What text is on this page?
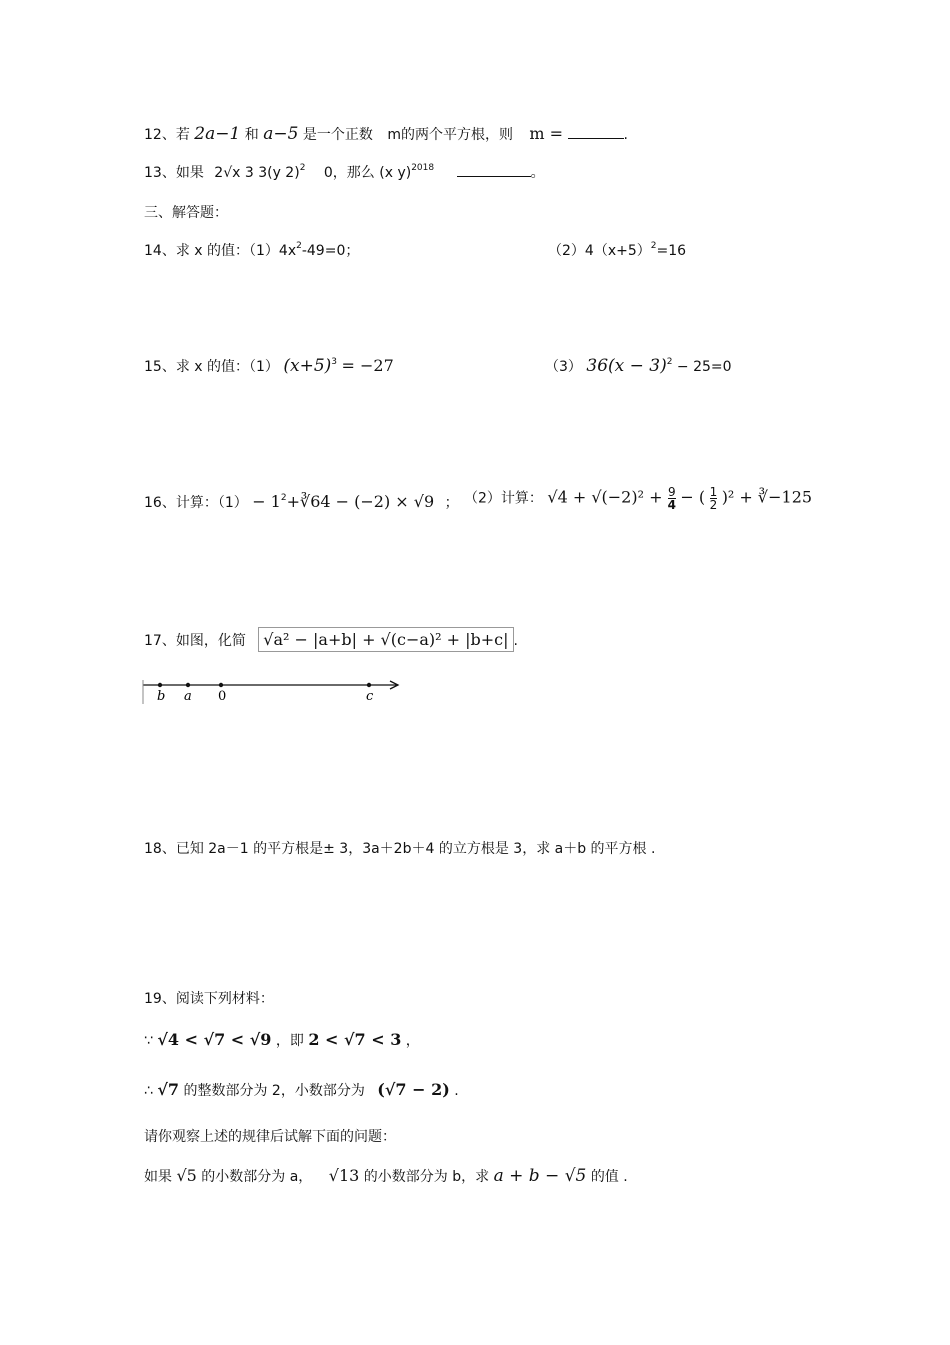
12、若 2a−1 和 a−5 是一个正数 m的两个平方根，则 m =	.
13、如果 2√x 3 3(y 2)$^2$ 0，那么 (x y)$^{2018}$	。
三、解答题：
14、求 x 的值：$(1)4x^2-49=0$；	$(2)4(x+5)^2=16$
15、求 x 的值：（1） $(x+5)^3 = -27$	（3） $36(x - 3)^2 - 25=0$
16、计算：$(1) - 1^2+∛64 - (-2) \times √9$ ； （2）计算： $√4 + √(-2)^2 + \frac{9}{4}$ − ( $\frac{1}{2} )^2$ + ∛−125
17、如图，化简 √a² − |a+b| + √(c−a)² + |b+c| .
b a 0	c
18、已知 2a－1 的平方根是± 3，3a＋2b＋4 的立方根是 3，求 a＋b 的平方根 .
19、阅读下列材料：
∵ √4 < √7 < √9 ，即 2 < √7 < 3 ，
∴ √7 的整数部分为 2，小数部分为 (√7 − 2) .
请你观察上述的规律后试解下面的问题：
如果 √5 的小数部分为 a， √13 的小数部分为 b，求 a + b − √5 的值 .
